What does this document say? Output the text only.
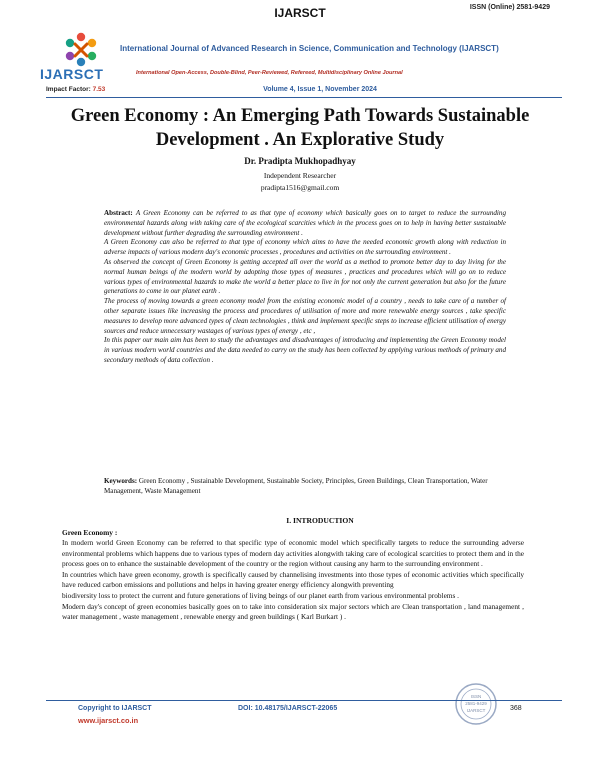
IJARSCT	ISSN (Online) 2581-9429
IJARSCT
International Journal of Advanced Research in Science, Communication and Technology (IJARSCT)
International Open-Access, Double-Blind, Peer-Reviewed, Refereed, Multidisciplinary Online Journal
Impact Factor: 7.53	Volume 4, Issue 1, November 2024
Green Economy : An Emerging Path Towards Sustainable Development . An Explorative Study
Dr. Pradipta Mukhopadhyay
Independent Researcher
pradipta1516@gmail.com

Abstract: A Green Economy can be referred to as that type of economy which basically goes on to target to reduce the surrounding environmental hazards along with taking care of the ecological scarcities which in the process goes on to help in having better sustainable development without further degrading the surrounding environment .

A Green Economy can also be referred to that type of economy which aims to have the needed economic growth along with reduction in adverse impacts of various modern day's economic processes , procedures and activities on the surrounding environment .

As observed the concept of Green Economy is getting accepted all over the world as a method to promote better day to day living for the normal human beings of the modern world by adopting those types of measures , practices and procedures which will go on to reduce various types of environmental hazards to make the world a better place to live in for not only the current generation but also for the future generations to come in our planet earth .

The process of moving towards a green economy model from the existing economic model of a country , needs to take care of a number of other separate issues like increasing the process and procedures of utilisation of more and more renewable energy sources , take specific measures to develop more advanced types of clean technologies , think and implement specific steps to increase efficient utilisation of energy sources and reduce unnecessary wastages of various types of energy , etc ,

In this paper our main aim has been to study the advantages and disadvantages of introducing and implementing the Green Economy model in various modern world countries and the data needed to carry on the study has been collected by applying various methods of primary and secondary methods of data collection .

Keywords: Green Economy , Sustainable Development, Sustainable Society, Principles, Green Buildings, Clean Transportation, Water Management, Waste Management
I. INTRODUCTION
Green Economy :

In modern world Green Economy can be referred to that specific type of economic model which specifically targets to reduce the surrounding adverse environmental problems which happens due to various types of modern day activities alongwith taking care of ecological scarcities to protect them and in the process goes on to enhance the sustainable development of the country or the region without causing any harm to the surrounding environment .

In countries which have green economy, growth is specifically caused by channelising investments into those types of economic activities which specifically have reduced carbon emissions and pollutions and helps in having greater energy efficiency alongwith preventing

biodiversity loss to protect the current and future generations of living beings of our planet earth from various environmental problems .

Modern day's concept of green economies basically goes on to take into consideration six major sectors which are Clean transportation , land management , water management , waste management , renewable energy and green buildings ( Karl Burkart ) .

ISSN
2581-9429
IJARSCT
Copyright to IJARSCT
www.ijarsct.co.in
DOI: 10.48175/IJARSCT-22065	368
